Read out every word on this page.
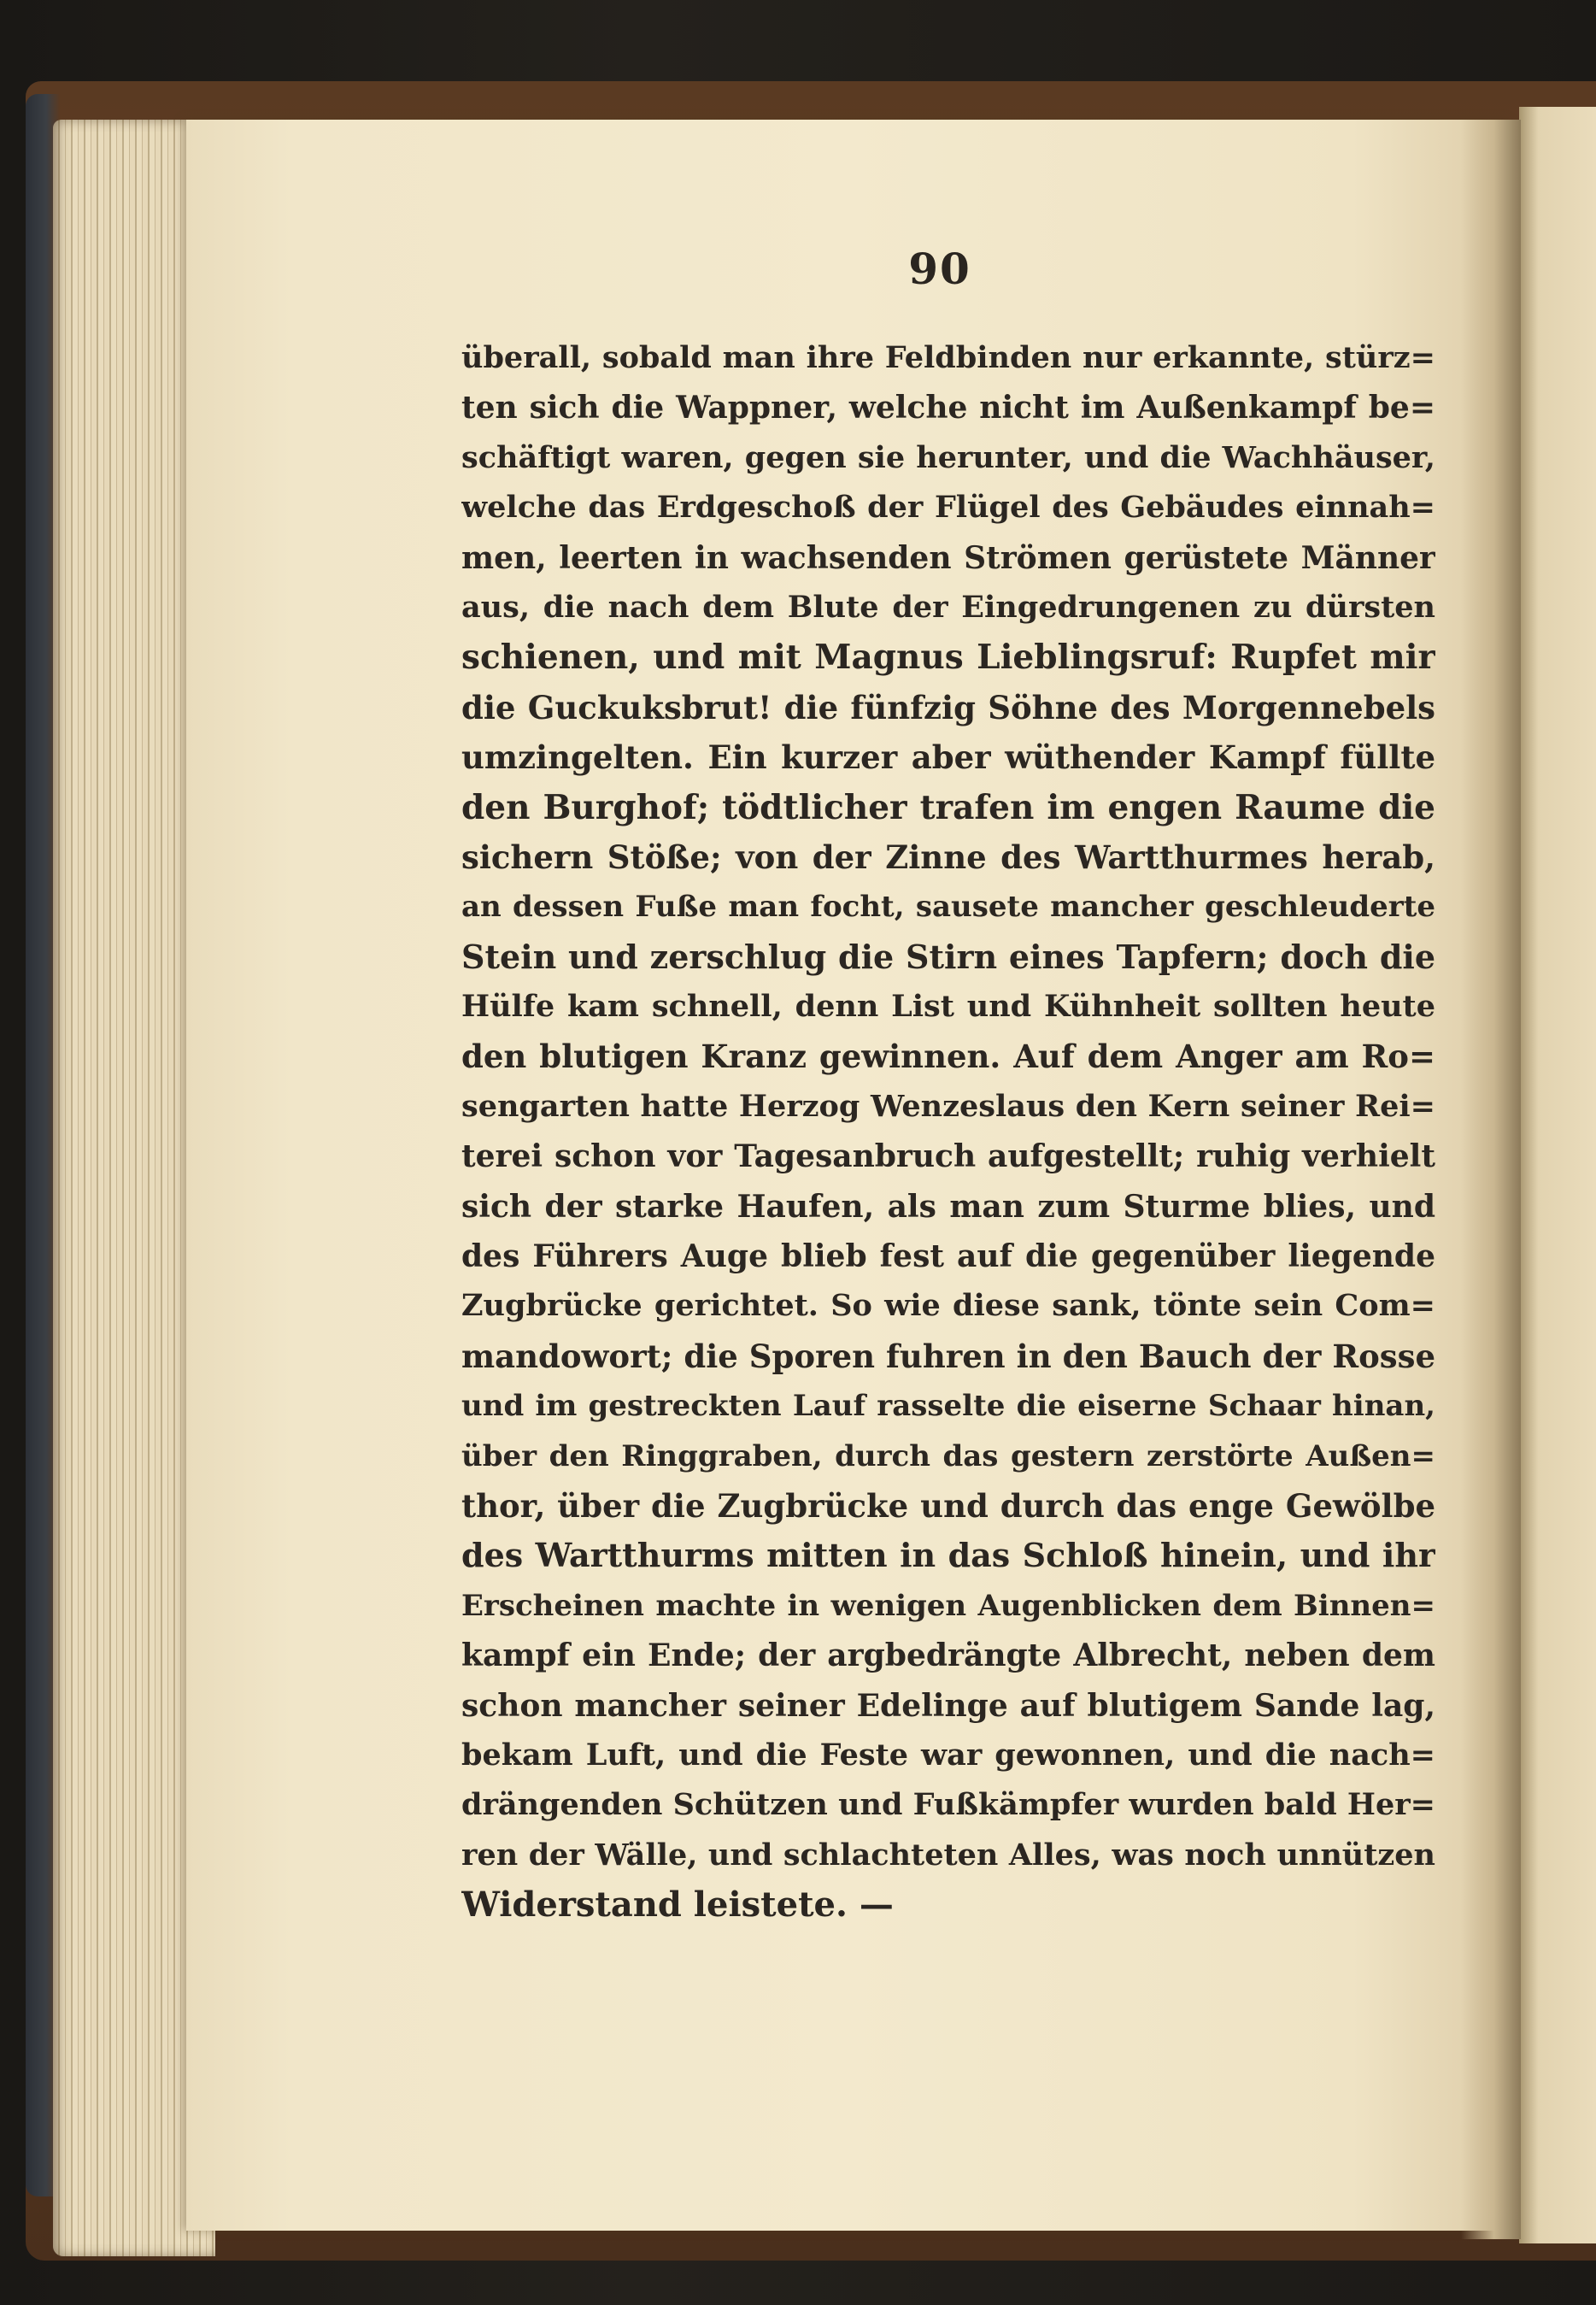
90
überall, sobald man ihre Feldbinden nur erkannte, stürz=
ten sich die Wappner, welche nicht im Außenkampf be=
schäftigt waren, gegen sie herunter, und die Wachhäuser,
welche das Erdgeschoß der Flügel des Gebäudes einnah=
men, leerten in wachsenden Strömen gerüstete Männer
aus, die nach dem Blute der Eingedrungenen zu dürsten
schienen, und mit Magnus Lieblingsruf: Rupfet mir
die Guckuksbrut! die fünfzig Söhne des Morgennebels
umzingelten. Ein kurzer aber wüthender Kampf füllte
den Burghof; tödtlicher trafen im engen Raume die
sichern Stöße; von der Zinne des Wartthurmes herab,
an dessen Fuße man focht, sausete mancher geschleuderte
Stein und zerschlug die Stirn eines Tapfern; doch die
Hülfe kam schnell, denn List und Kühnheit sollten heute
den blutigen Kranz gewinnen. Auf dem Anger am Ro=
sengarten hatte Herzog Wenzeslaus den Kern seiner Rei=
terei schon vor Tagesanbruch aufgestellt; ruhig verhielt
sich der starke Haufen, als man zum Sturme blies, und
des Führers Auge blieb fest auf die gegenüber liegende
Zugbrücke gerichtet. So wie diese sank, tönte sein Com=
mandowort; die Sporen fuhren in den Bauch der Rosse
und im gestreckten Lauf rasselte die eiserne Schaar hinan,
über den Ringgraben, durch das gestern zerstörte Außen=
thor, über die Zugbrücke und durch das enge Gewölbe
des Wartthurms mitten in das Schloß hinein, und ihr
Erscheinen machte in wenigen Augenblicken dem Binnen=
kampf ein Ende; der argbedrängte Albrecht, neben dem
schon mancher seiner Edelinge auf blutigem Sande lag,
bekam Luft, und die Feste war gewonnen, und die nach=
drängenden Schützen und Fußkämpfer wurden bald Her=
ren der Wälle, und schlachteten Alles, was noch unnützen
Widerstand leistete. —
